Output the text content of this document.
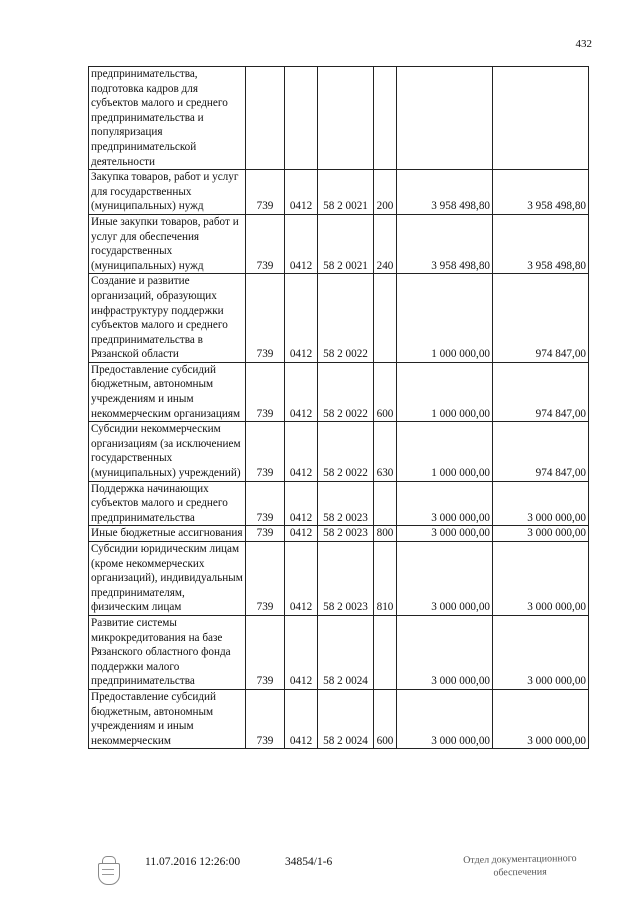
432
предпринимательства, подготовка кадров для субъектов малого и среднего предпринимательства и популяризация предпринимательской деятельности						
Закупка товаров, работ и услуг для государственных (муниципальных) нужд	739	0412	58 2 0021	200	3 958 498,80	3 958 498,80
Иные закупки товаров, работ и услуг для обеспечения государственных (муниципальных) нужд	739	0412	58 2 0021	240	3 958 498,80	3 958 498,80
Создание и развитие организаций, образующих инфраструктуру поддержки субъектов малого и среднего предпринимательства в Рязанской области	739	0412	58 2 0022		1 000 000,00	974 847,00
Предоставление субсидий бюджетным, автономным учреждениям и иным некоммерческим организациям	739	0412	58 2 0022	600	1 000 000,00	974 847,00
Субсидии некоммерческим организациям (за исключением государственных (муниципальных) учреждений)	739	0412	58 2 0022	630	1 000 000,00	974 847,00
Поддержка начинающих субъектов малого и среднего предпринимательства	739	0412	58 2 0023		3 000 000,00	3 000 000,00
Иные бюджетные ассигнования	739	0412	58 2 0023	800	3 000 000,00	3 000 000,00
Субсидии юридическим лицам (кроме некоммерческих организаций), индивидуальным предпринимателям, физическим лицам	739	0412	58 2 0023	810	3 000 000,00	3 000 000,00
Развитие системы микрокредитования на базе Рязанского областного фонда поддержки малого предпринимательства	739	0412	58 2 0024		3 000 000,00	3 000 000,00
Предоставление субсидий бюджетным, автономным учреждениям и иным некоммерческим	739	0412	58 2 0024	600	3 000 000,00	3 000 000,00
11.07.2016 12:26:00	34854/1-6	Отдел документационного
обеспечения
